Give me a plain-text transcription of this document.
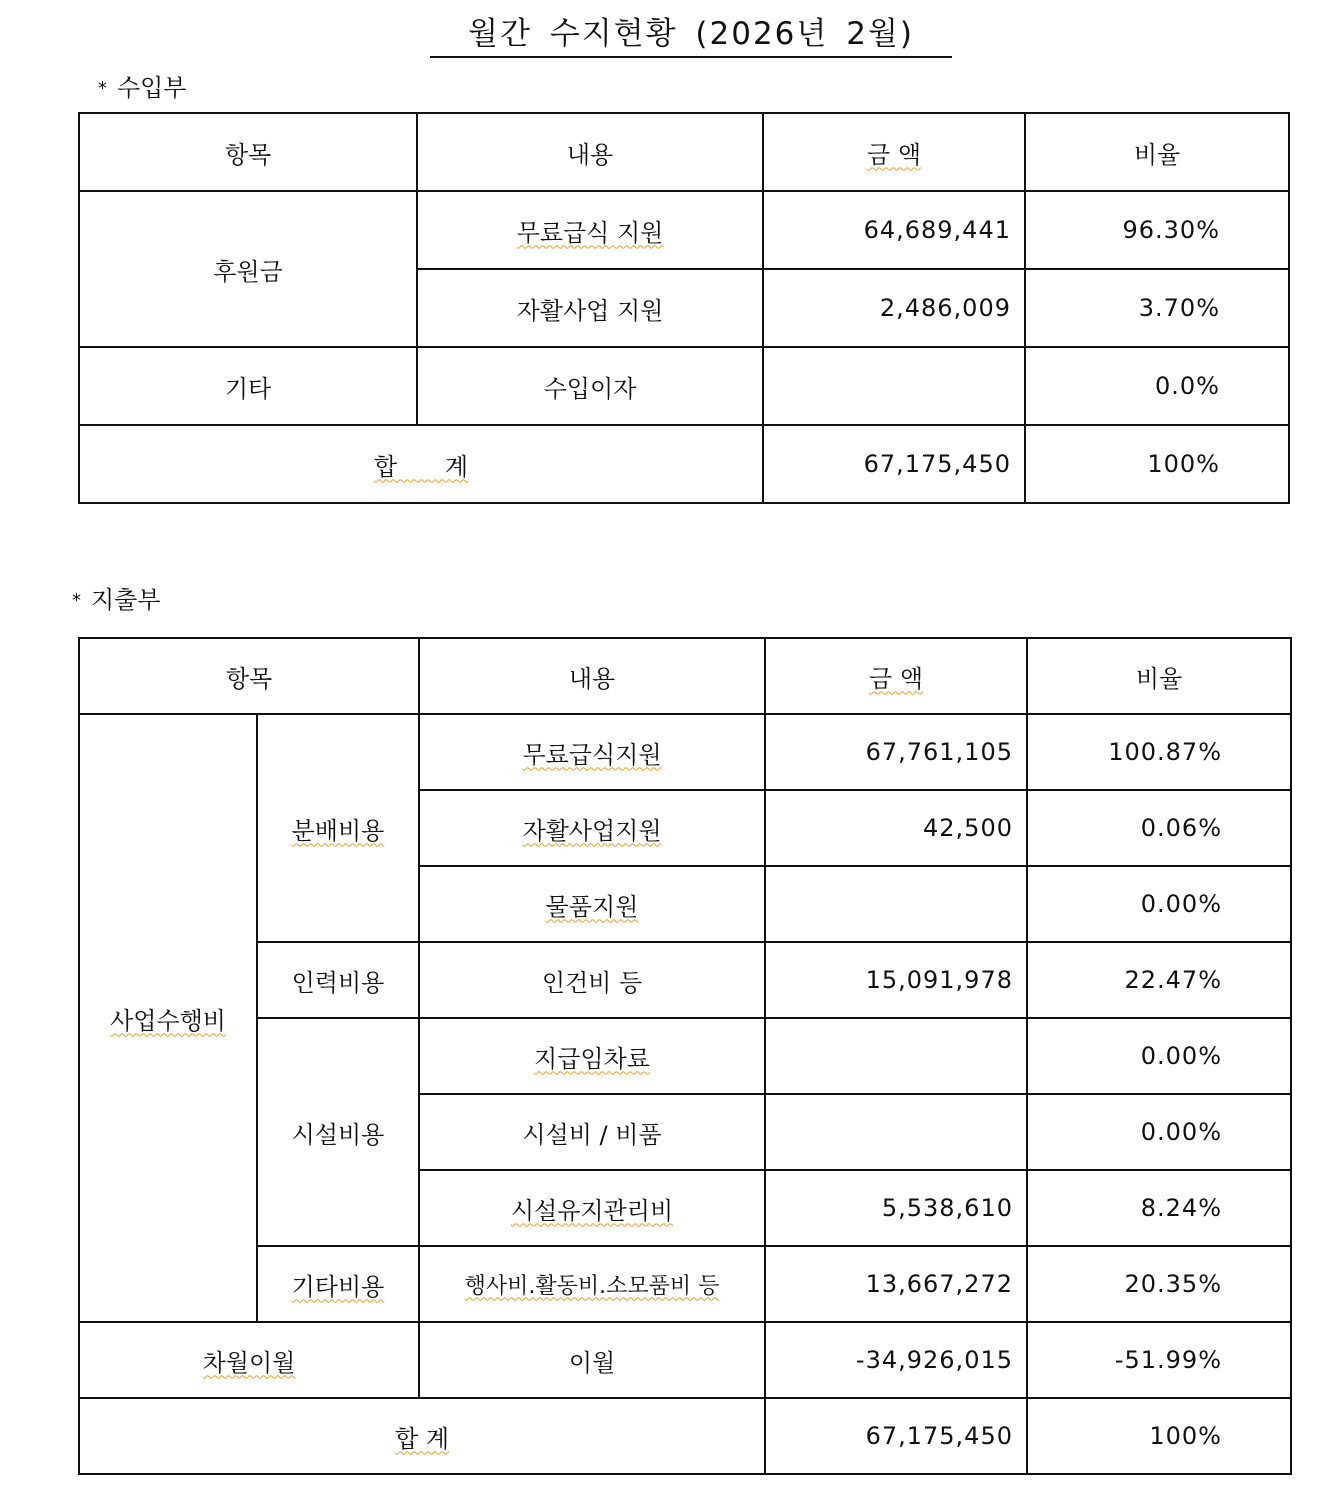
월간 수지현황 (2026년 2월)
* 수입부
항목	내용	금 액	비율
후원금	무료급식 지원	64,689,441	96.30%
	자활사업 지원	2,486,009	3.70%
기타	수입이자		0.0%
합 계		67,175,450	100%
* 지출부
항목		내용	금 액	비율
사업수행비	분배비용	무료급식지원	67,761,105	100.87%
		자활사업지원	42,500	0.06%
		물품지원		0.00%
	인력비용	인건비 등	15,091,978	22.47%
	시설비용	지급임차료		0.00%
		시설비 / 비품		0.00%
		시설유지관리비	5,538,610	8.24%
	기타비용	행사비.활동비.소모품비 등	13,667,272	20.35%
차월이월		이월	-34,926,015	-51.99%
합 계			67,175,450	100%
